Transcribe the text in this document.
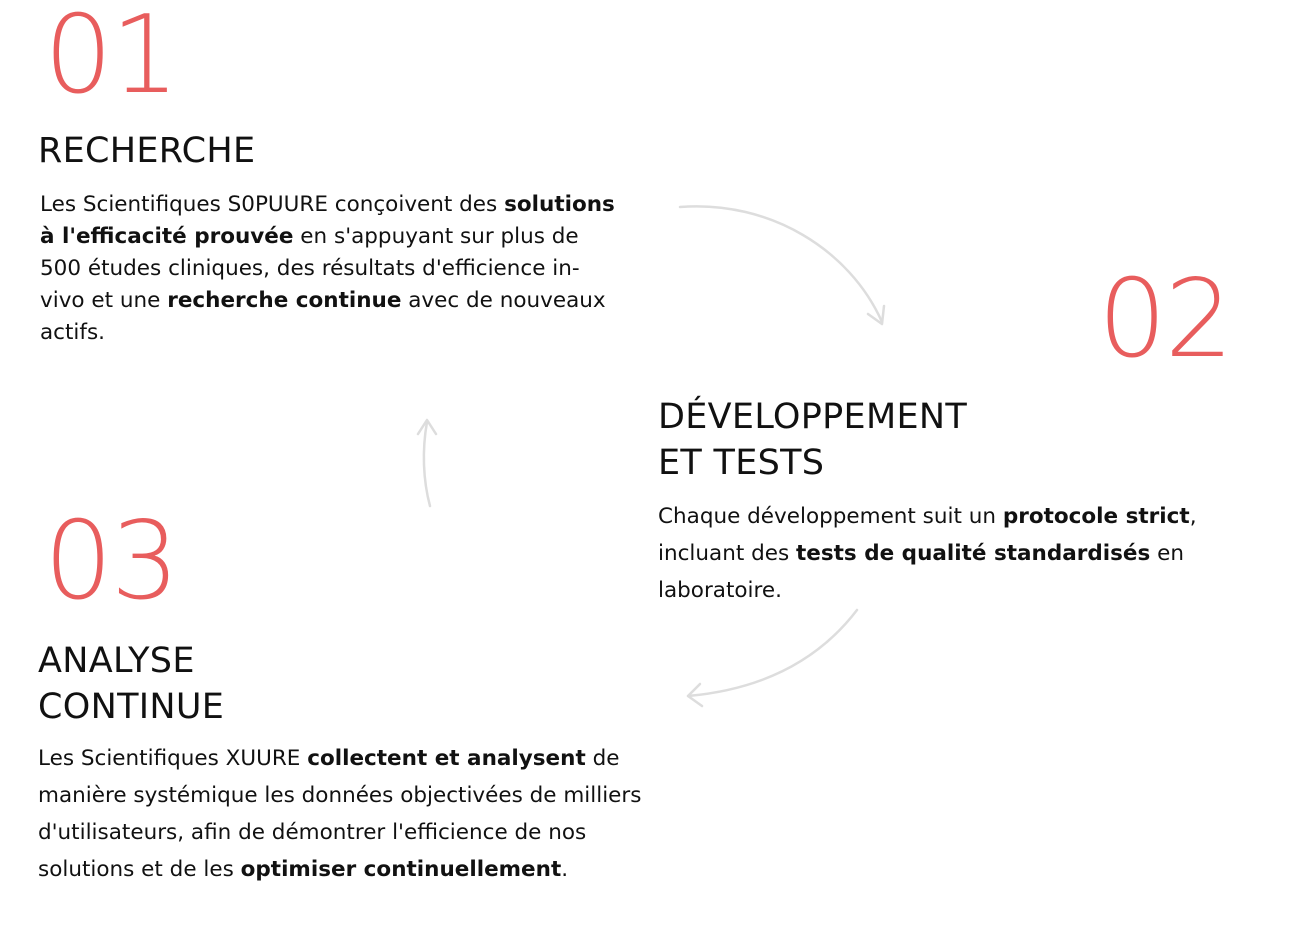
01
RECHERCHE

Les Scientifiques S0PUURE conçoivent des solutions à l'efficacité prouvée en s'appuyant sur plus de 500 études cliniques, des résultats d'efficience in-vivo et une recherche continue avec de nouveaux actifs.	02
DÉVELOPPEMENT
ET TESTS

Chaque développement suit un protocole strict, incluant des tests de qualité standardisés en laboratoire.

03
ANALYSE
CONTINUE

Les Scientifiques XUURE collectent et analysent de manière systémique les données objectivées de milliers d'utilisateurs, afin de démontrer l'efficience de nos solutions et de les optimiser continuellement.
